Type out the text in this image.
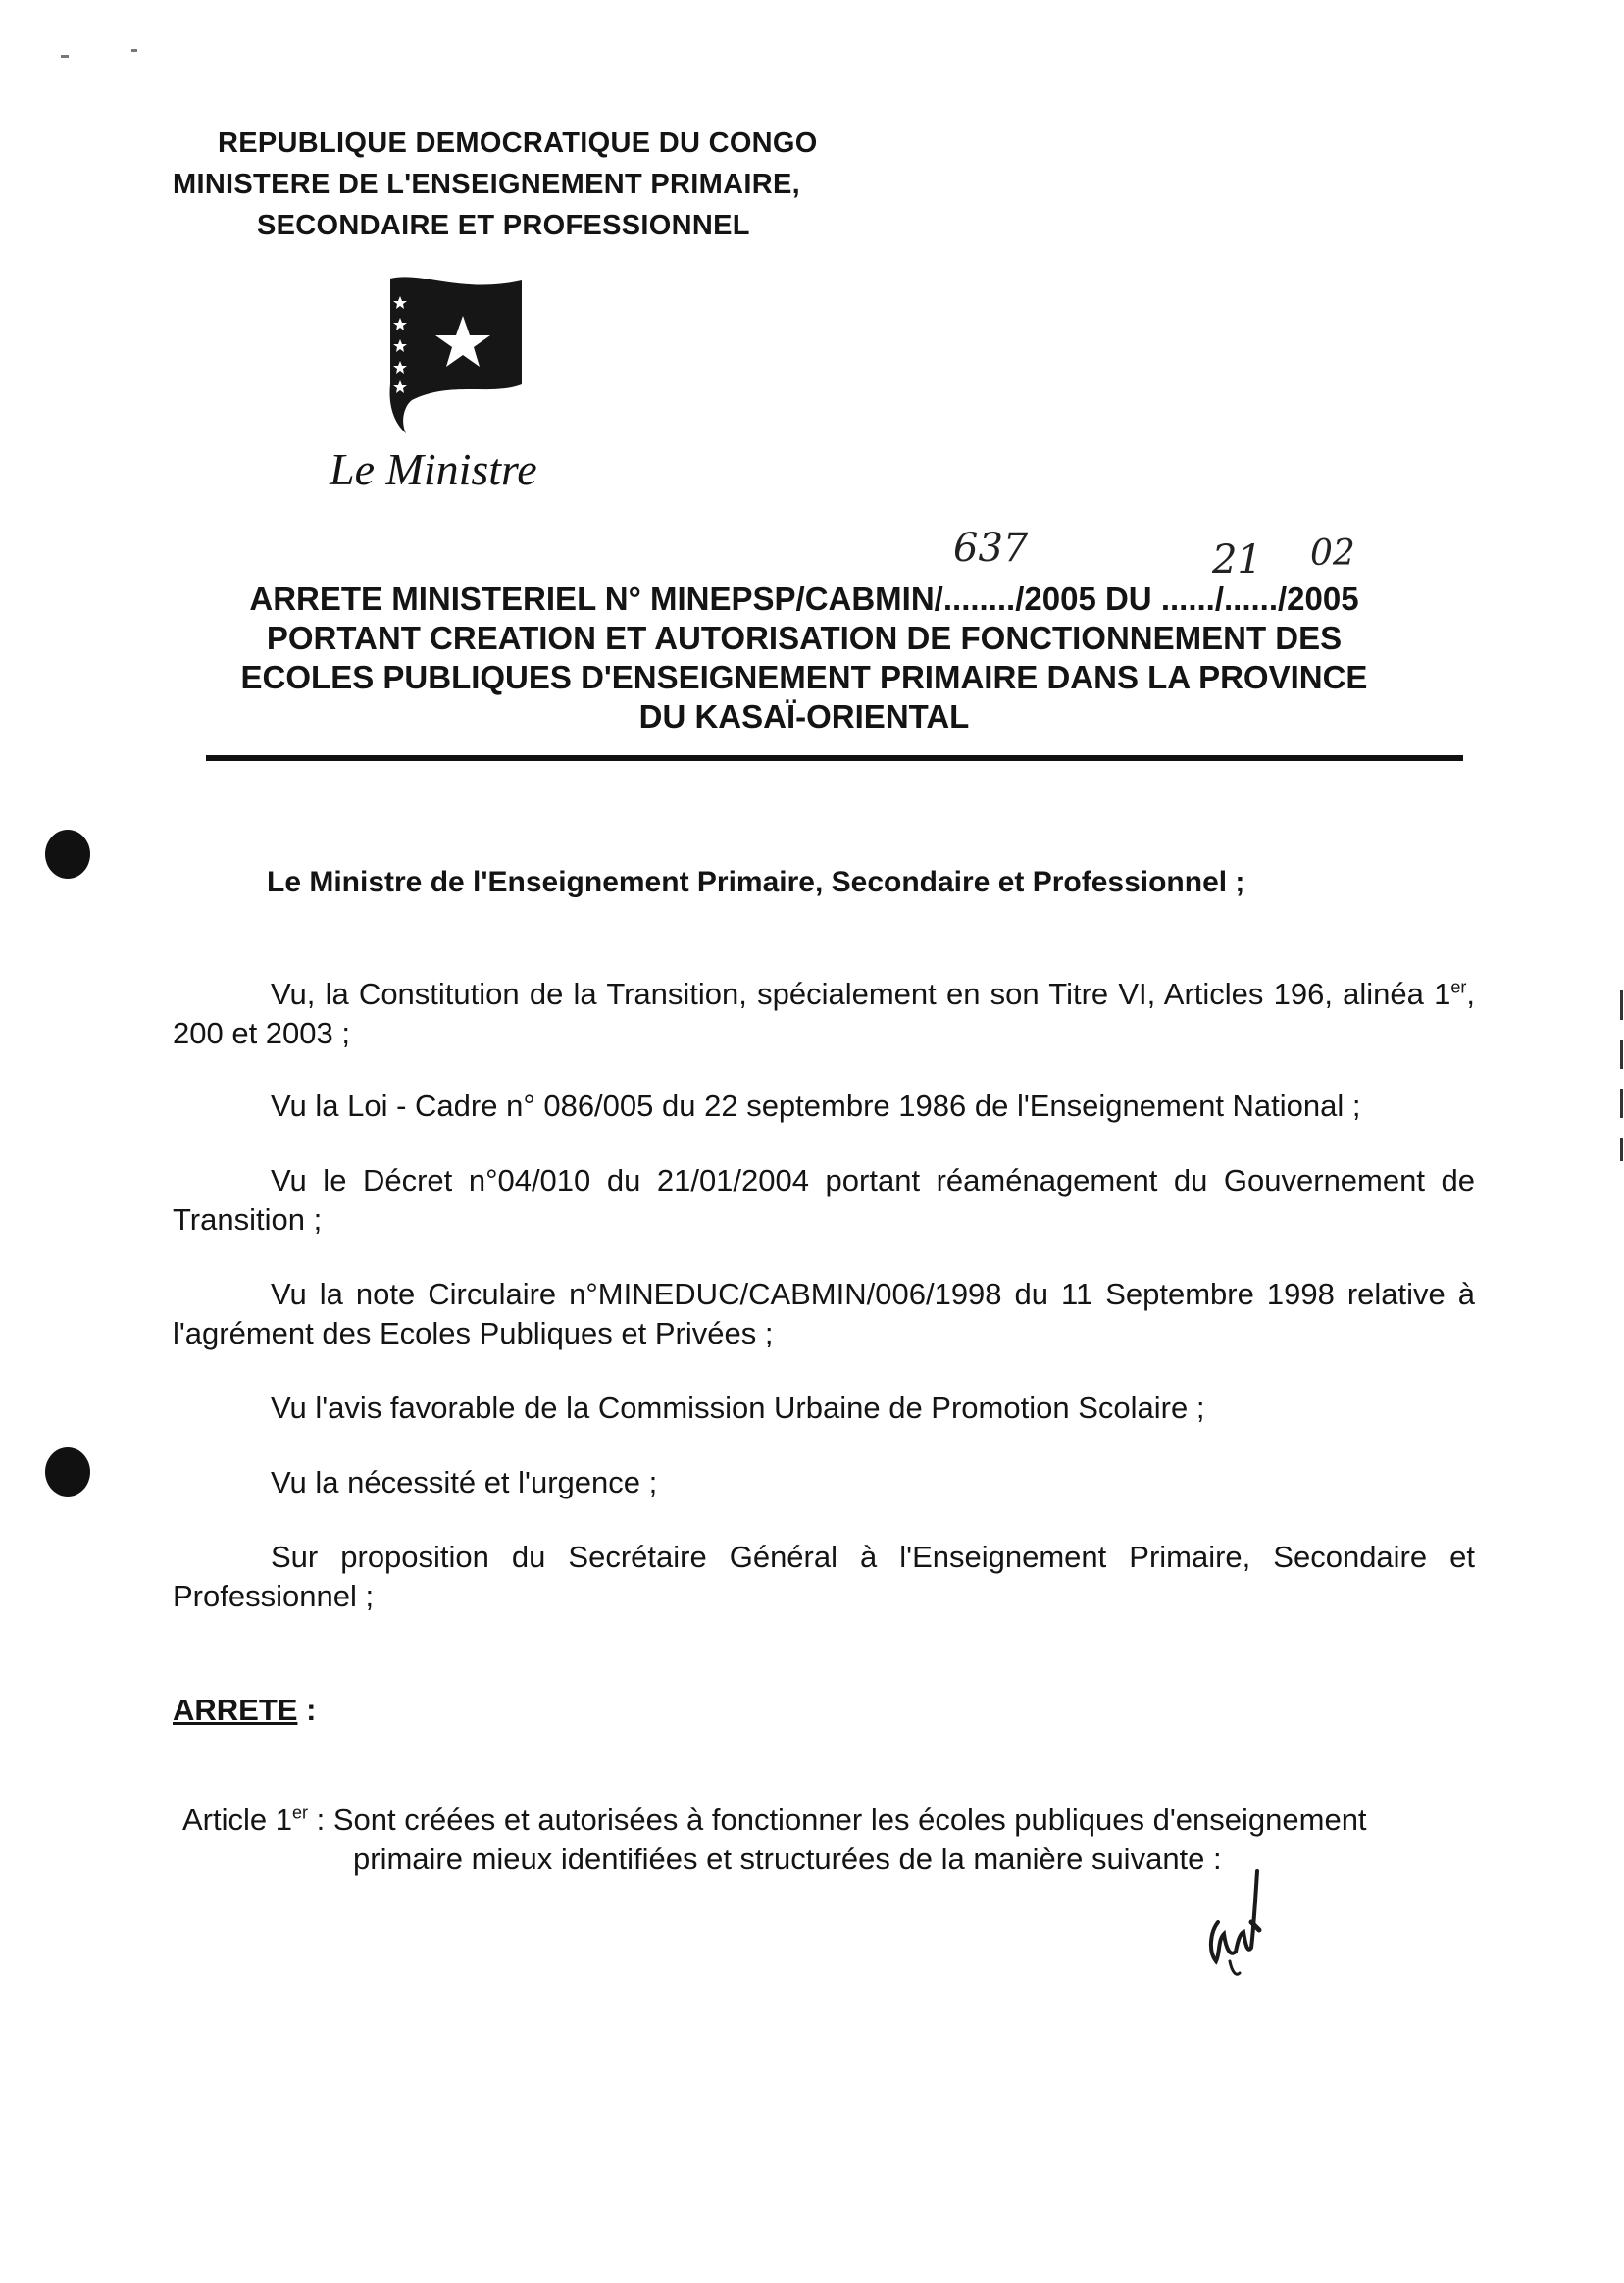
REPUBLIQUE DEMOCRATIQUE DU CONGO
MINISTERE DE L'ENSEIGNEMENT PRIMAIRE,
SECONDAIRE ET PROFESSIONNEL
Le Ministre
637	21 02
ARRETE MINISTERIEL N° MINEPSP/CABMIN/......../2005 DU ....../....../2005
PORTANT CREATION ET AUTORISATION DE FONCTIONNEMENT DES
ECOLES PUBLIQUES D'ENSEIGNEMENT PRIMAIRE DANS LA PROVINCE
DU KASAÏ-ORIENTAL
Le Ministre de l'Enseignement Primaire, Secondaire et Professionnel ;
Vu, la Constitution de la Transition, spécialement en son Titre VI, Articles 196, alinéa 1er, 200 et 2003 ;
Vu la Loi - Cadre n° 086/005 du 22 septembre 1986 de l'Enseignement National ;
Vu le Décret n°04/010 du 21/01/2004 portant réaménagement du Gouvernement de Transition ;
Vu la note Circulaire n°MINEDUC/CABMIN/006/1998 du 11 Septembre 1998 relative à l'agrément des Ecoles Publiques et Privées ;
Vu l'avis favorable de la Commission Urbaine de Promotion Scolaire ;
Vu la nécessité et l'urgence ;
Sur proposition du Secrétaire Général à l'Enseignement Primaire, Secondaire et Professionnel ;
ARRETE :
Article 1er : Sont créées et autorisées à fonctionner les écoles publiques d'enseignement
primaire mieux identifiées et structurées de la manière suivante :
